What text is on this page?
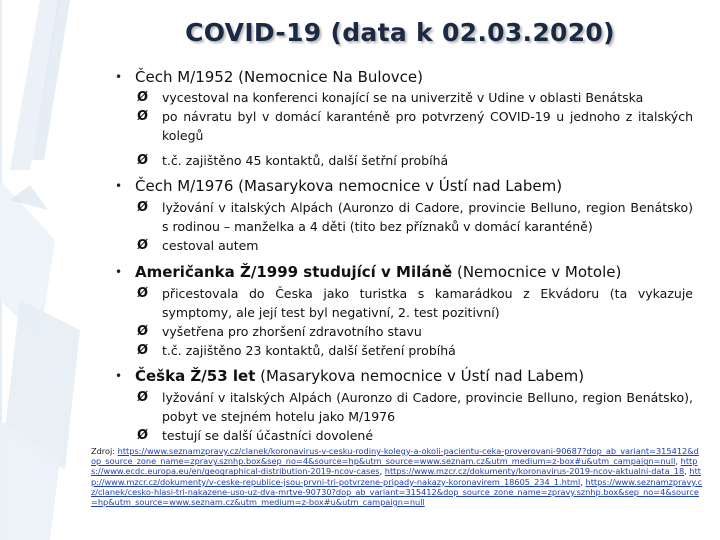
COVID-19 (data k 02.03.2020)
• Čech M/1952 (Nemocnice Na Bulovce)
Ø vycestoval na konferenci konající se na univerzitě v Udine v oblasti Benátska
Ø po návratu byl v domácí karanténě pro potvrzený COVID-19 u jednoho z italských kolegů
Ø t.č. zajištěno 45 kontaktů, další šetřní probíhá
• Čech M/1976 (Masarykova nemocnice v Ústí nad Labem)
Ø lyžování v italských Alpách (Auronzo di Cadore, provincie Belluno, region Benátsko) s rodinou – manželka a 4 děti (tito bez příznaků v domácí karanténě)
Ø cestoval autem
• Američanka Ž/1999 studující v Miláně (Nemocnice v Motole)
Ø přicestovala do Česka jako turistka s kamarádkou z Ekvádoru (ta vykazuje symptomy, ale její test byl negativní, 2. test pozitivní)
Ø vyšetřena pro zhoršení zdravotního stavu
Ø t.č. zajištěno 23 kontaktů, další šetření probíhá
• Češka Ž/53 let (Masarykova nemocnice v Ústí nad Labem)
Ø lyžování v italských Alpách (Auronzo di Cadore, provincie Belluno, region Benátsko), pobyt ve stejném hotelu jako M/1976
Ø testují se další účastníci dovolené
Zdroj: https://www.seznamzpravy.cz/clanek/koronavirus-v-cesku-rodiny-kolegy-a-okoli-pacientu-ceka-proverovani-90687?dop_ab_variant=315412&dop_source_zone_name=zpravy.sznhp.box&sep_no=4&source=hp&utm_source=www.seznam.cz&utm_medium=z-box#u&utm_campaign=null, https://www.ecdc.europa.eu/en/geographical-distribution-2019-ncov-cases, https://www.mzcr.cz/dokumenty/koronavirus-2019-ncov-aktualni-data_18, http://www.mzcr.cz/dokumenty/v-ceske-republice-jsou-prvni-tri-potvrzene-pripady-nakazy-koronavirem_18605_234_1.html, https://www.seznamzpravy.cz/clanek/cesko-hlasi-tri-nakazene-uso-uz-dva-mrtve-90730?dop_ab_variant=315412&dop_source_zone_name=zpravy.sznhp.box&sep_no=4&source=hp&utm_source=www.seznam.cz&utm_medium=z-box#u&utm_campaign=null
